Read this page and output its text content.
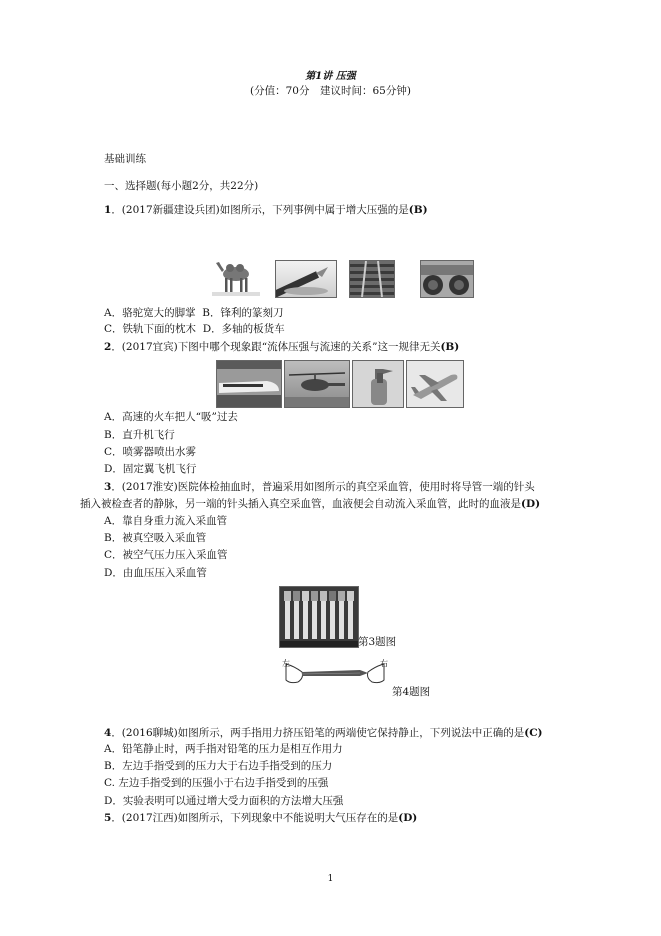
第1讲 压强
(分值：70分　建议时间：65分钟)
基础训练
一、选择题(每小题2分，共22分)
1．(2017新疆建设兵团)如图所示，下列事例中属于增大压强的是(B)
A．骆驼宽大的脚掌 B．锋利的篆刻刀
C．铁轨下面的枕木 D．多轴的板货车
2．(2017宜宾)下图中哪个现象跟“流体压强与流速的关系”这一规律无关(B)
A．高速的火车把人“吸”过去
B．直升机飞行
C．喷雾器喷出水雾
D．固定翼飞机飞行
3．(2017淮安)医院体检抽血时，普遍采用如图所示的真空采血管，使用时将导管一端的针头
插入被检查者的静脉，另一端的针头插入真空采血管，血液便会自动流入采血管，此时的血液是(D)
A．靠自身重力流入采血管
B．被真空吸入采血管
C．被空气压力压入采血管
D．由血压压入采血管
第3题图
左	右
第4题图
4．(2016聊城)如图所示，两手指用力挤压铅笔的两端使它保持静止，下列说法中正确的是(C)
A．铅笔静止时，两手指对铅笔的压力是相互作用力
B．左边手指受到的压力大于右边手指受到的压力
C. 左边手指受到的压强小于右边手指受到的压强
D．实验表明可以通过增大受力面积的方法增大压强
5．(2017江西)如图所示，下列现象中不能说明大气压存在的是(D)
1
